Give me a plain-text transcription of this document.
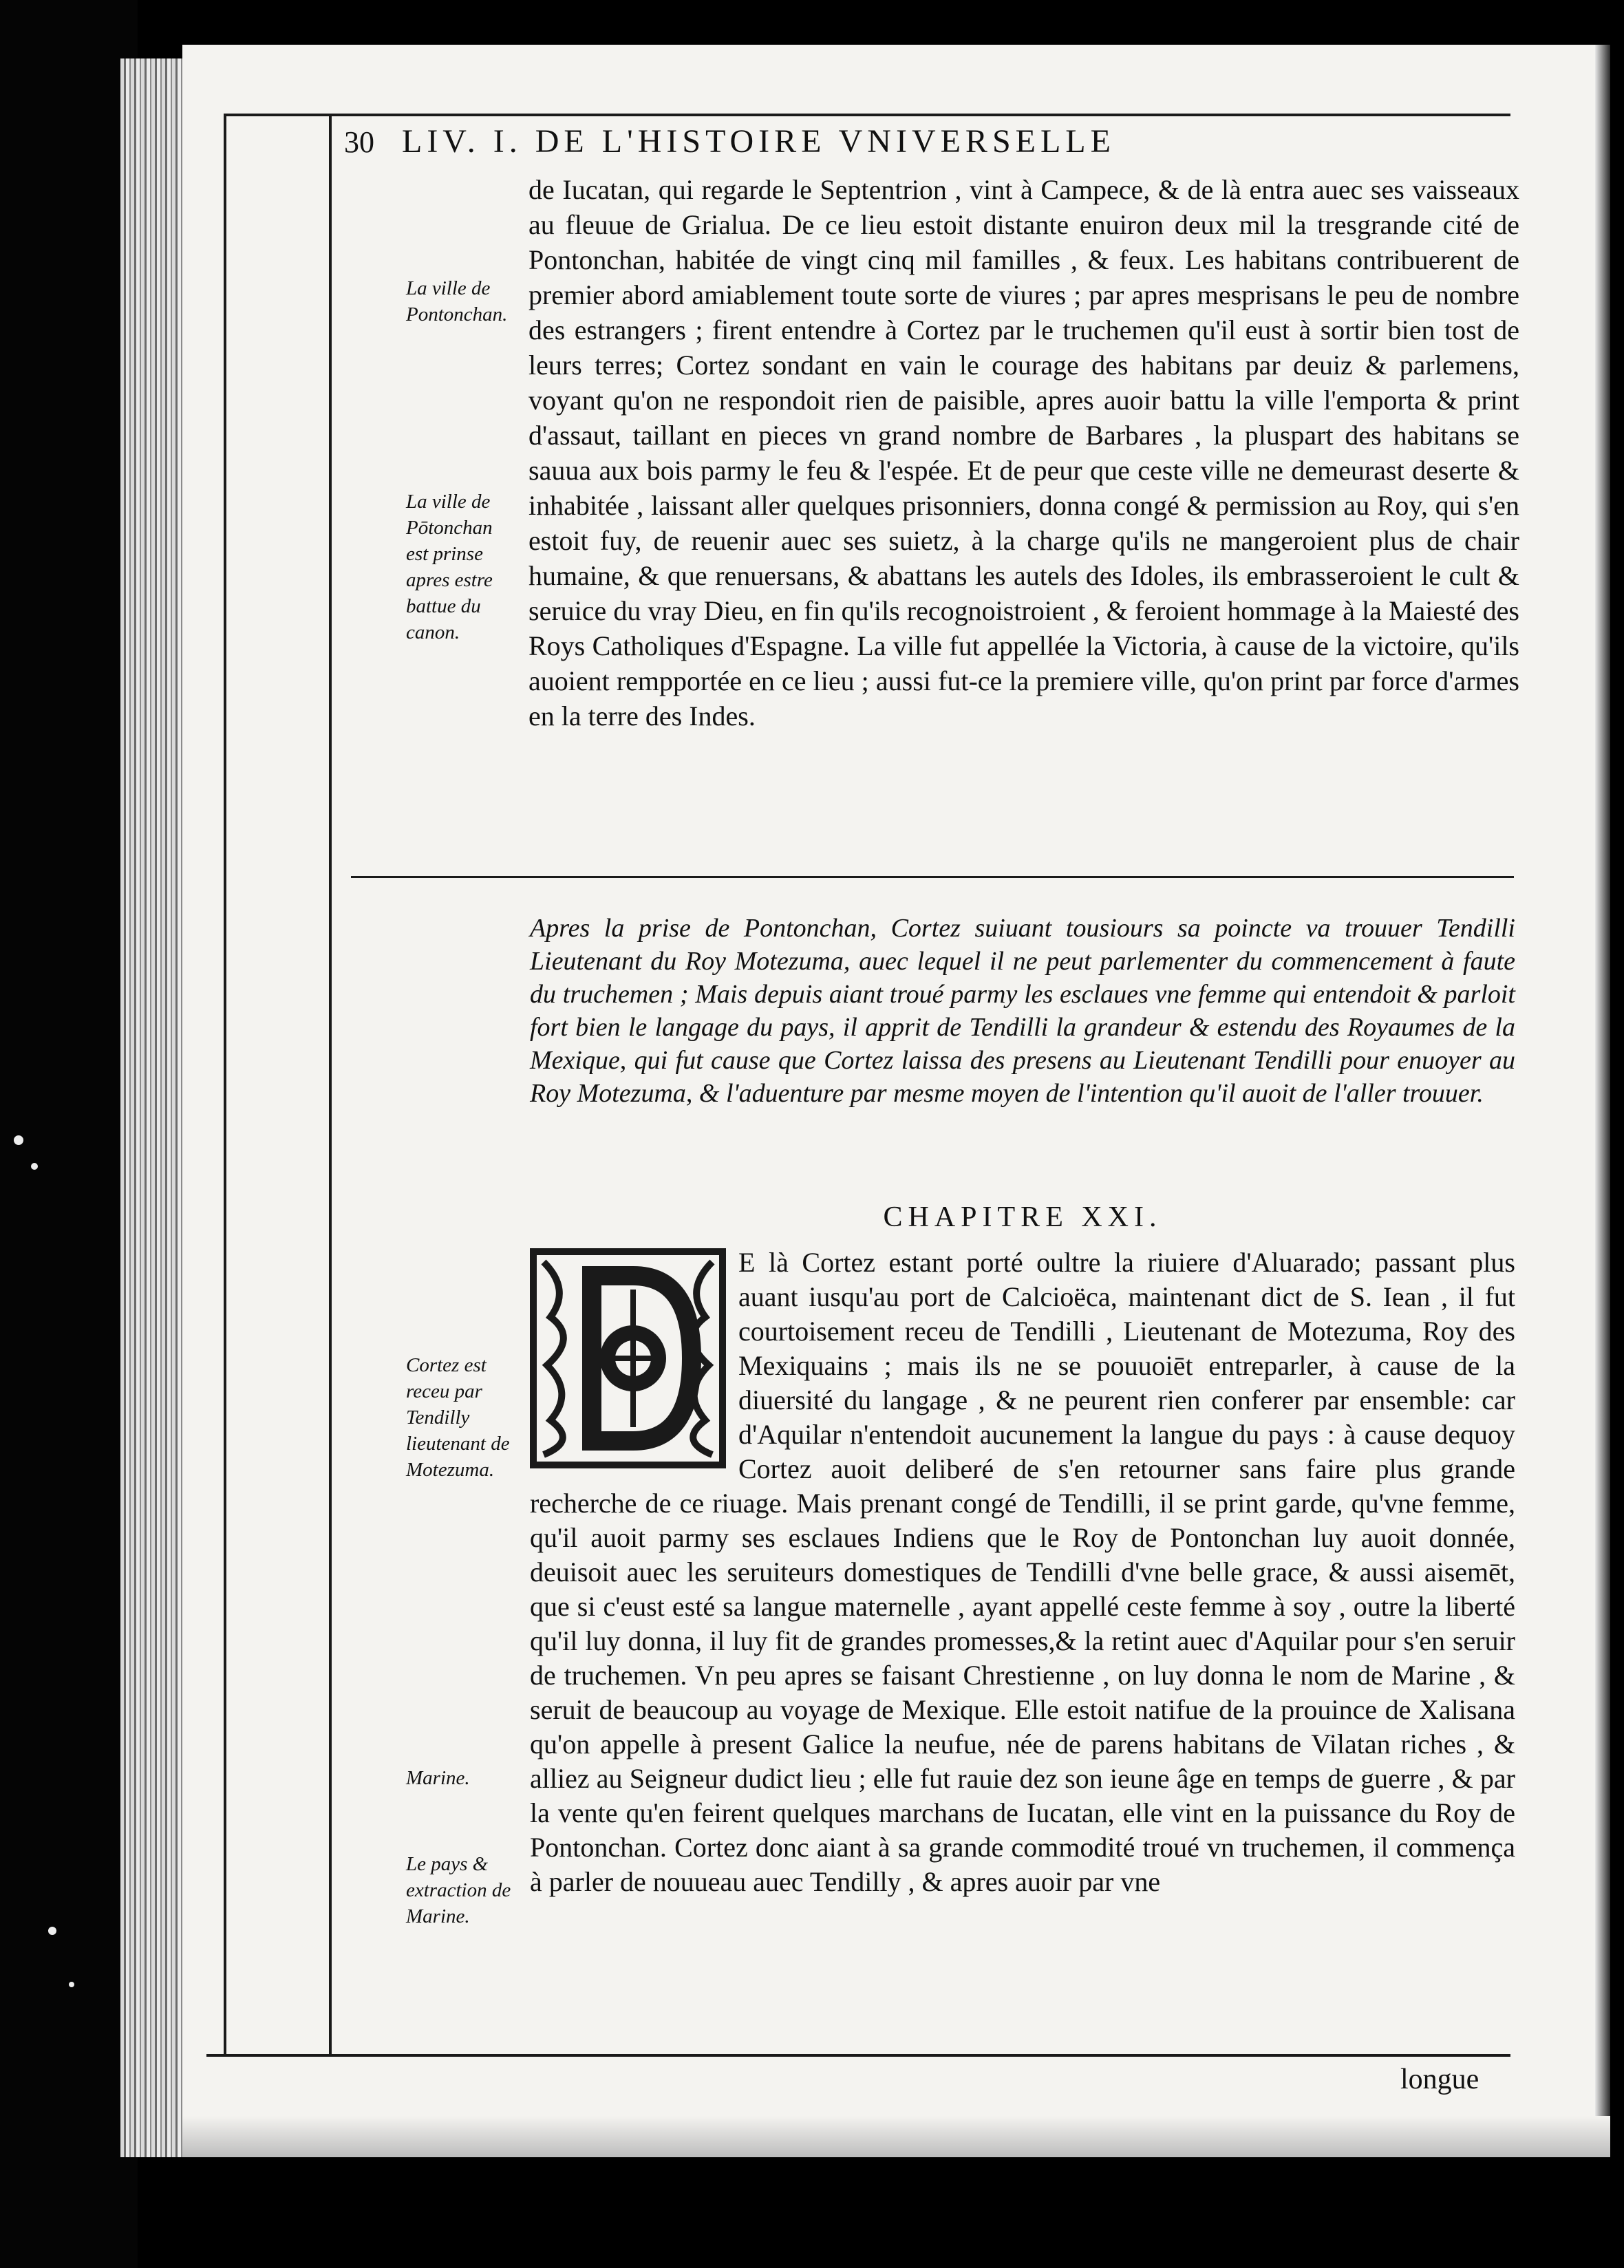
30 LIV. I. DE L'HISTOIRE VNIVERSELLE
La ville de Pontonchan.
La ville de Pōtonchan est prinse apres estre battue du canon.
Cortez est receu par Tendilly lieutenant de Motezuma.
Marine.
Le pays & extraction de Marine.

de Iucatan, qui regarde le Septentrion , vint à Campece, & de là entra auec ses vaisseaux au fleuue de Grialua. De ce lieu estoit distante enuiron deux mil la tresgrande cité de Pontonchan, habitée de vingt cinq mil familles , & feux. Les habitans contribuerent de premier abord amiablement toute sorte de viures ; par apres mesprisans le peu de nombre des estrangers ; firent entendre à Cortez par le truchemen qu'il eust à sortir bien tost de leurs terres; Cortez sondant en vain le courage des habitans par deuiz & parlemens, voyant qu'on ne respondoit rien de paisible, apres auoir battu la ville l'emporta & print d'assaut, taillant en pieces vn grand nombre de Barbares , la pluspart des habitans se sauua aux bois parmy le feu & l'espée. Et de peur que ceste ville ne demeurast deserte & inhabitée , laissant aller quelques prisonniers, donna congé & permission au Roy, qui s'en estoit fuy, de reuenir auec ses suietz, à la charge qu'ils ne mangeroient plus de chair humaine, & que renuersans, & abattans les autels des Idoles, ils embrasseroient le cult & seruice du vray Dieu, en fin qu'ils recognoistroient , & feroient hommage à la Maiesté des Roys Catholiques d'Espagne. La ville fut appellée la Victoria, à cause de la victoire, qu'ils auoient rempportée en ce lieu ; aussi fut-ce la premiere ville, qu'on print par force d'armes en la terre des Indes.

Apres la prise de Pontonchan, Cortez suiuant tousiours sa poincte va trouuer Tendilli Lieutenant du Roy Motezuma, auec lequel il ne peut parlementer du commencement à faute du truchemen ; Mais depuis aiant troué parmy les esclaues vne femme qui entendoit & parloit fort bien le langage du pays, il apprit de Tendilli la grandeur & estendu des Royaumes de la Mexique, qui fut cause que Cortez laissa des presens au Lieutenant Tendilli pour enuoyer au Roy Motezuma, & l'aduenture par mesme moyen de l'intention qu'il auoit de l'aller trouuer.
CHAPITRE XXI.
E là Cortez estant porté oultre la riuiere d'Aluarado; passant plus auant iusqu'au port de Calcioëca, maintenant dict de S. Iean , il fut courtoisement receu de Tendilli , Lieutenant de Motezuma, Roy des Mexiquains ; mais ils ne se pouuoiēt entreparler, à cause de la diuersité du langage , & ne peurent rien conferer par ensemble: car d'Aquilar n'entendoit aucunement la langue du pays : à cause dequoy Cortez auoit deliberé de s'en retourner sans faire plus grande recherche de ce riuage. Mais prenant congé de Tendilli, il se print garde, qu'vne femme, qu'il auoit parmy ses esclaues Indiens que le Roy de Pontonchan luy auoit donnée, deuisoit auec les seruiteurs domestiques de Tendilli d'vne belle grace, & aussi aisemēt, que si c'eust esté sa langue maternelle , ayant appellé ceste femme à soy , outre la liberté qu'il luy donna, il luy fit de grandes promesses,& la retint auec d'Aquilar pour s'en seruir de truchemen. Vn peu apres se faisant Chrestienne , on luy donna le nom de Marine , & seruit de beaucoup au voyage de Mexique. Elle estoit natifue de la prouince de Xalisana qu'on appelle à present Galice la neufue, née de parens habitans de Vilatan riches , & alliez au Seigneur dudict lieu ; elle fut rauie dez son ieune âge en temps de guerre , & par la vente qu'en feirent quelques marchans de Iucatan, elle vint en la puissance du Roy de Pontonchan. Cortez donc aiant à sa grande commodité troué vn truchemen, il commença à parler de nouueau auec Tendilly , & apres auoir par vne
longue
